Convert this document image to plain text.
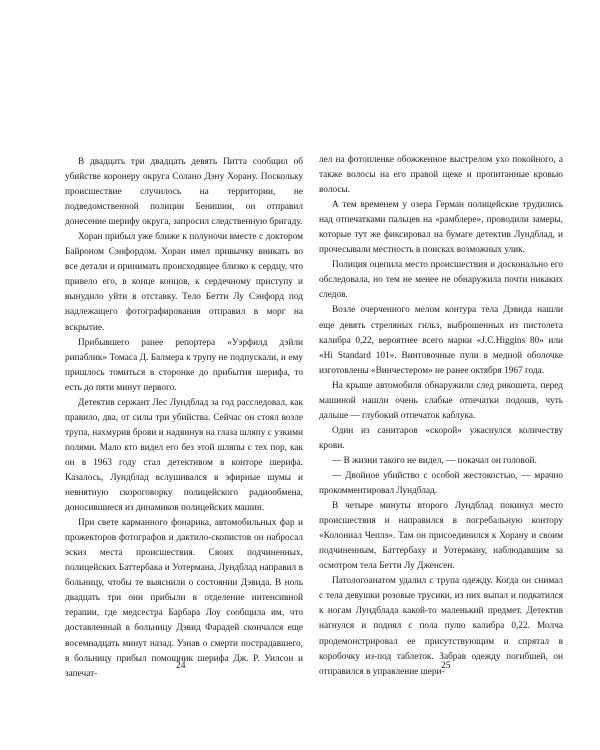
В двадцать три двадцать девять Питта сообщил об убийстве коронеру округа Солано Дэну Хорану. Поскольку происшествие случилось на территории, не подведомственной полиции Бенишии, он отправил донесение шерифу округа, запросил следственную бригаду.

Хоран прибыл уже ближе к полуночи вместе с доктором Байроном Сэнфордом. Хоран имел привычку вникать во все детали и принимать происходящее близко к сердцу, что привело его, в конце концов, к сердечному приступу и вынудило уйти в отставку. Тело Бетти Лу Сэнфорд под надлежащего фотографирования отправил в морг на вскрытие.

Прибывшего ранее репортера «Уэрфилд дэйли рипаблик» Томаса Д. Балмера к трупу не подпускали, и ему пришлось томиться в сторонке до прибытия шерифа, то есть до пяти минут первого.

Детектив сержант Лес Лундблад за год расследовал, как правило, два, от силы три убийства. Сейчас он стоял возле трупа, нахмурив брови и надвинув на глаза шляпу с узкими полями. Мало кто видел его без этой шляпы с тех пор, как он в 1963 году стал детективом в конторе шерифа. Казалось, Лундблад вслушивался в эфирные шумы и невнятную скороговорку полицейского радиообмена, доносившиеся из динамиков полицейских машин.

При свете карманного фонарика, автомобильных фар и прожекторов фотографов и дактило-скопистов он набросал эскиз места происшествия. Своих подчиненных, полицейских Баттербака и Уотермана, Лундблад направил в больницу, чтобы те выяснили о состоянии Дэвида. В ноль двадцать три они прибыли в отделение интенсивной терапии, где медсестра Барбара Лоу сообщила им, что доставленный в больницу Дэвид Фарадей скончался еще восемнадцать минут назад. Узнав о смерти пострадавшего, в больницу прибыл помощник шерифа Дж. Р. Уилсон и запечат-

24

лел на фотопленке обожженное выстрелом ухо покойного, а также волосы на его правой щеке и пропитанные кровью волосы.

А тем временем у озера Герман полицейские трудились над отпечатками пальцев на «рамблере», проводили замеры, которые тут же фиксировал на бумаге детектив Лундблад, и прочесывали местность в поисках возможных улик.

Полиция оцепила место происшествия и досконально его обследовала, но тем не менее не обнаружила почти никаких следов.

Возле очерченного мелом контура тела Дэвида нашли еще девять стреляных гильз, выброшенных из пистолета калибра 0,22, вероятнее всего марки «J.C.Higgins 80» или «Hi Standard 101». Винтовочные пули в медной оболочке изготовлены «Винчестером» не ранее октября 1967 года.

На крыше автомобиля обнаружили след рикошета, перед машиной нашли очень слабые отпечатки подошв, чуть дальше — глубокий отпечаток каблука.

Один из санитаров «скорой» ужаснулся количеству крови.

— В жизни такого не видел, — покачал он головой.

— Двойное убийство с особой жестокостью, — мрачно прокомментировал Лундблад.

В четыре минуты второго Лундблад покинул место происшествия и направился в погребальную контору «Колониал Чеплз». Там он присоединился к Хорану и своим подчиненным, Баттербаху и Уотерману, наблюдавшим за осмотром тела Бетти Лу Дженсен.

Патологоанатом удалил с трупа одежду. Когда он снимал с тела девушки розовые трусики, из них выпал и подкатился к ногам Лундблада какой-то маленький предмет. Детектив нагнулся и поднял с пола пулю калибра 0,22. Молча продемонстрировал ее присутствующим и спрятал в коробочку из-под таблеток. Забрав одежду погибшей, он отправился в управление шери-

25
